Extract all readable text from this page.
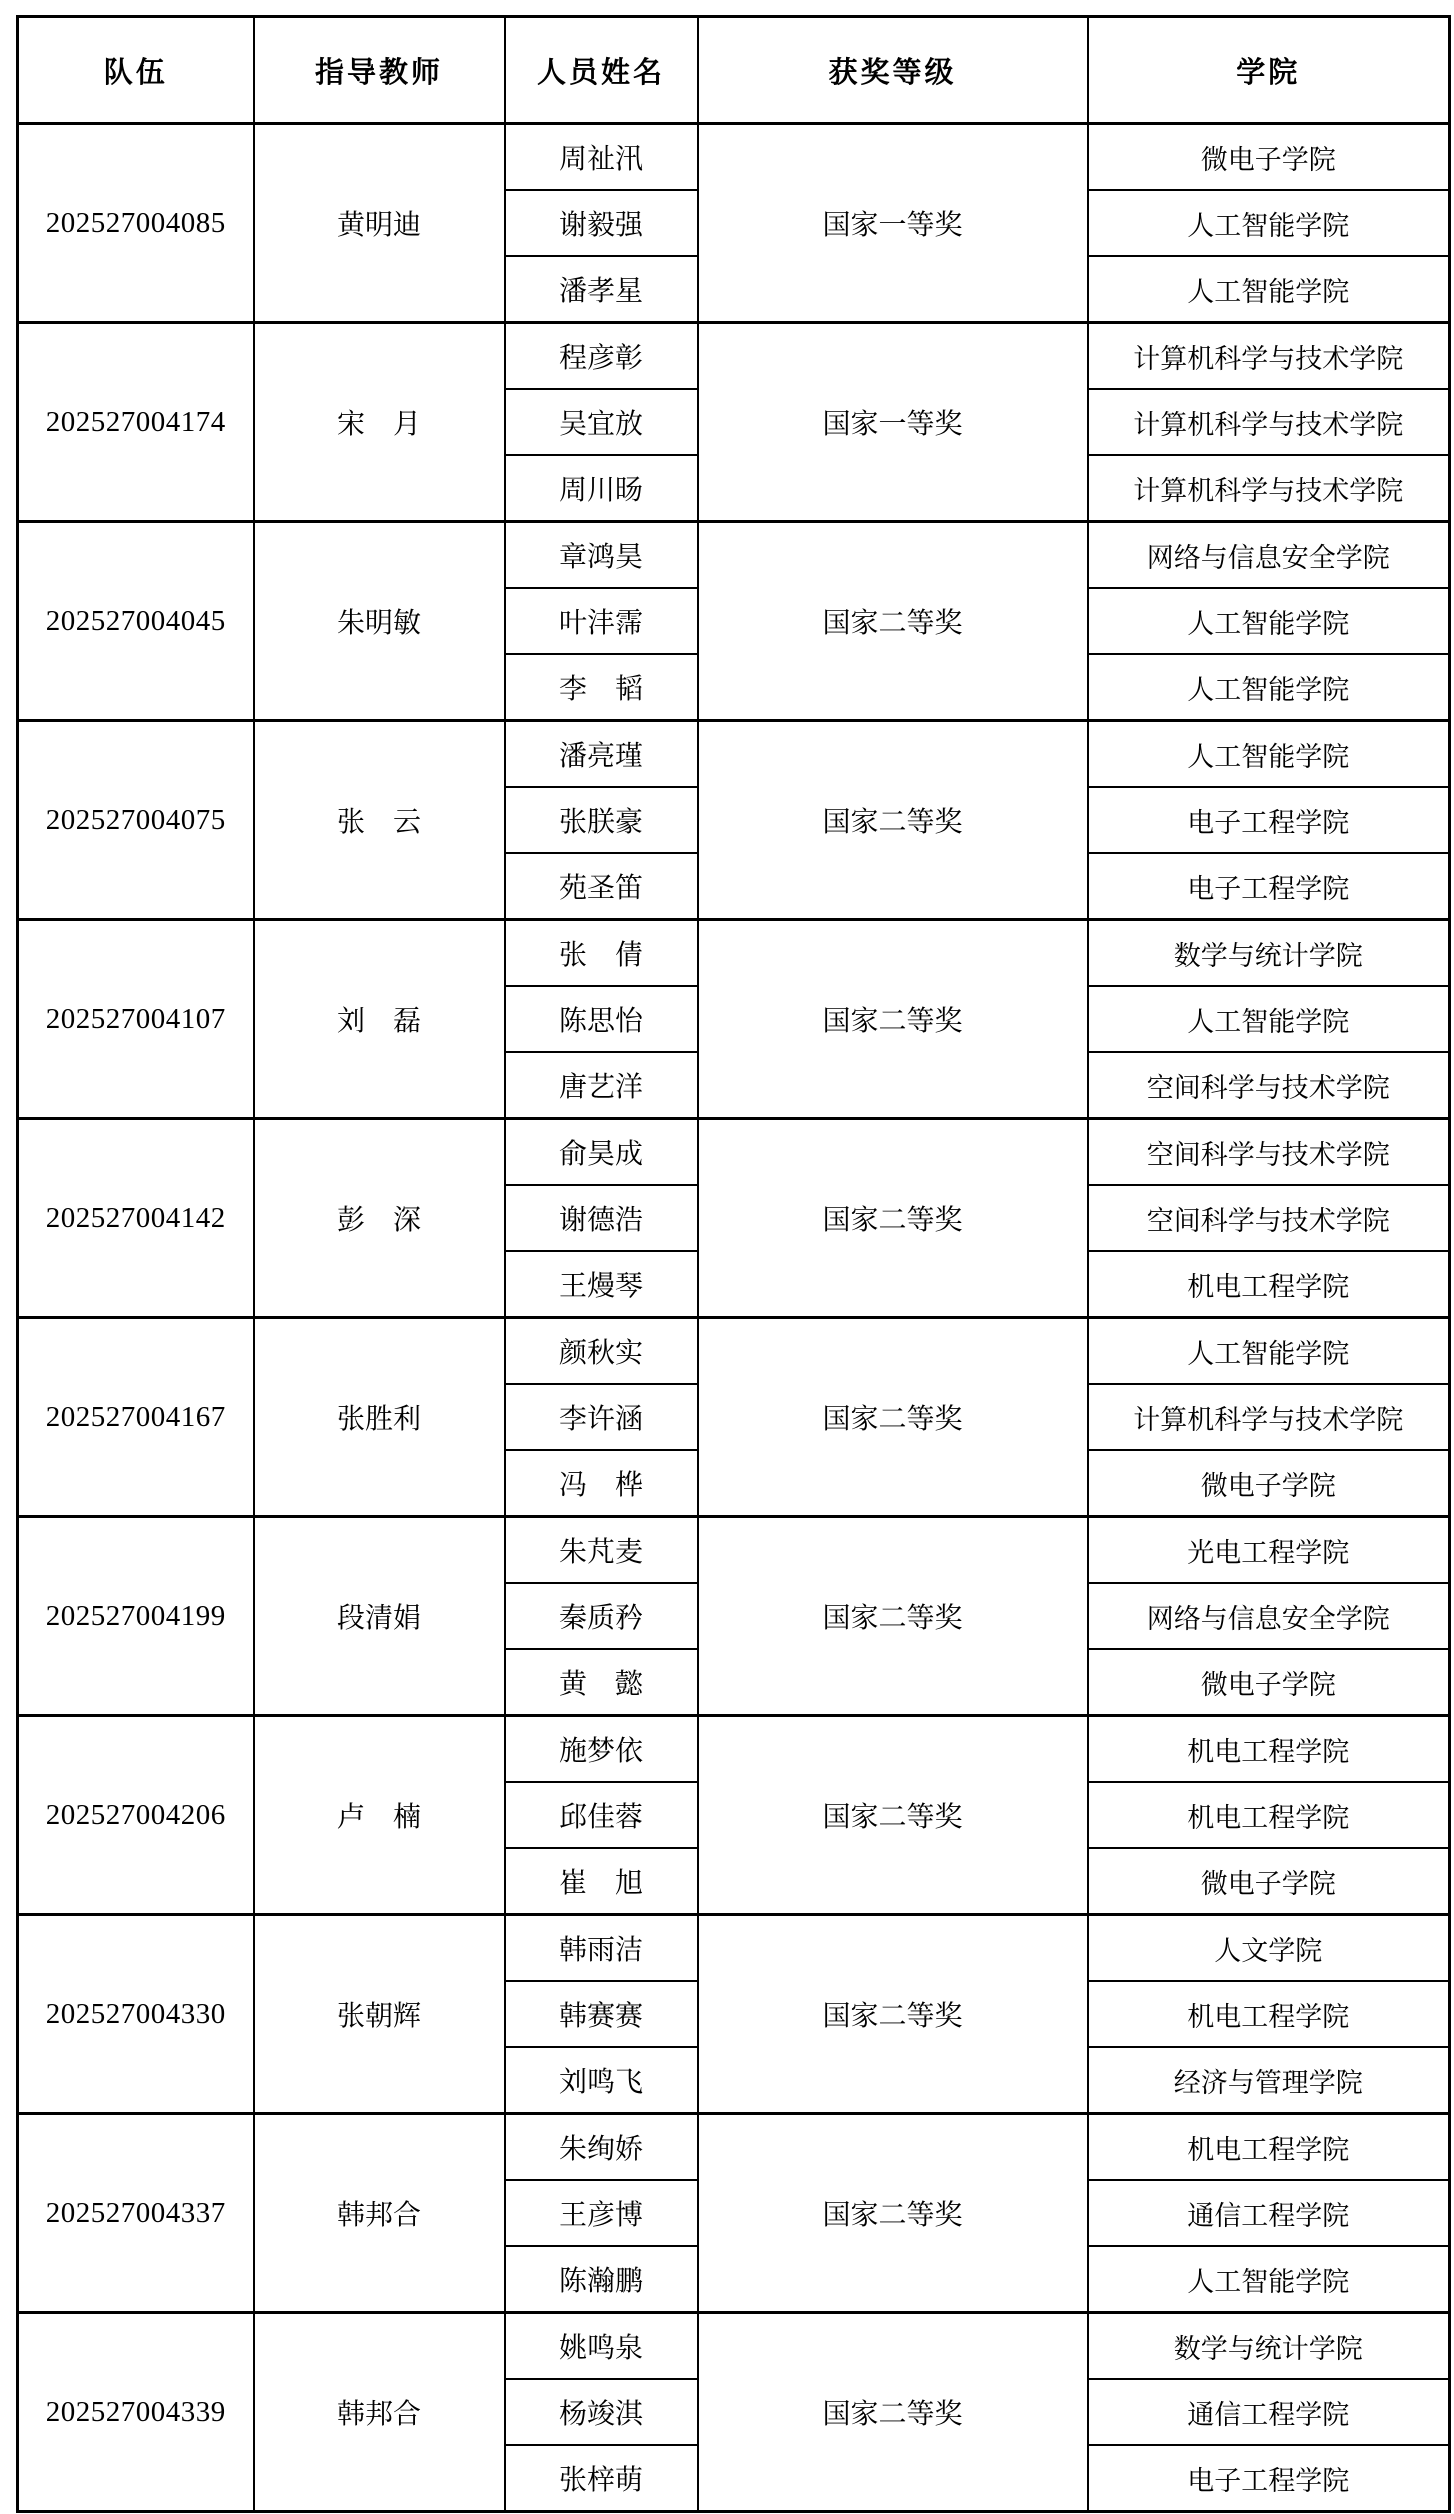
队伍	指导教师	人员姓名	获奖等级	学院
202527004085	黄明迪	周祉汛	国家一等奖	微电子学院
		谢毅强		人工智能学院
		潘孝星		人工智能学院
202527004174	宋　月	程彦彰	国家一等奖	计算机科学与技术学院
		吴宜放		计算机科学与技术学院
		周川旸		计算机科学与技术学院
202527004045	朱明敏	章鸿昊	国家二等奖	网络与信息安全学院
		叶沣霈		人工智能学院
		李　韬		人工智能学院
202527004075	张　云	潘亮瑾	国家二等奖	人工智能学院
		张朕豪		电子工程学院
		苑圣笛		电子工程学院
202527004107	刘　磊	张　倩	国家二等奖	数学与统计学院
		陈思怡		人工智能学院
		唐艺洋		空间科学与技术学院
202527004142	彭　深	俞昊成	国家二等奖	空间科学与技术学院
		谢德浩		空间科学与技术学院
		王熳琴		机电工程学院
202527004167	张胜利	颜秋实	国家二等奖	人工智能学院
		李许涵		计算机科学与技术学院
		冯　桦		微电子学院
202527004199	段清娟	朱芃麦	国家二等奖	光电工程学院
		秦质矜		网络与信息安全学院
		黄　懿		微电子学院
202527004206	卢　楠	施梦依	国家二等奖	机电工程学院
		邱佳蓉		机电工程学院
		崔　旭		微电子学院
202527004330	张朝辉	韩雨洁	国家二等奖	人文学院
		韩赛赛		机电工程学院
		刘鸣飞		经济与管理学院
202527004337	韩邦合	朱绚娇	国家二等奖	机电工程学院
		王彦博		通信工程学院
		陈瀚鹏		人工智能学院
202527004339	韩邦合	姚鸣泉	国家二等奖	数学与统计学院
		杨竣淇		通信工程学院
		张梓萌		电子工程学院
